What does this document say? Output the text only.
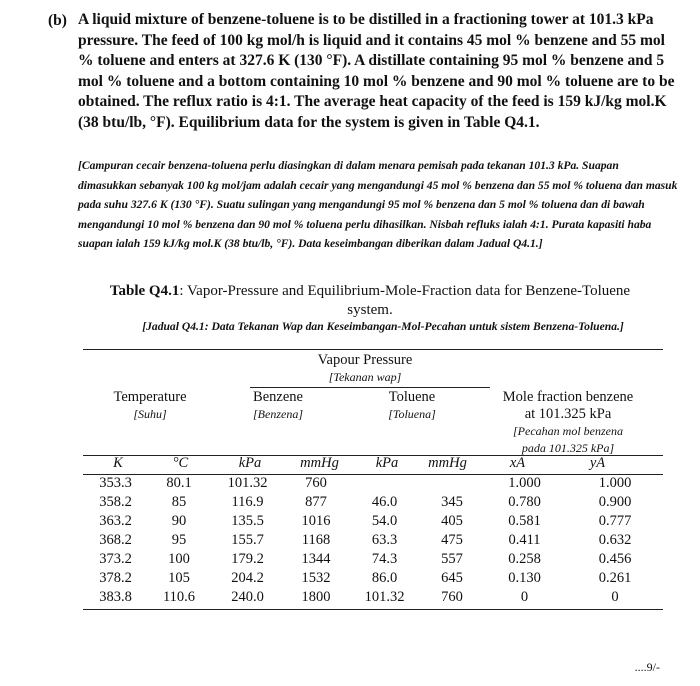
(b) A liquid mixture of benzene-toluene is to be distilled in a fractioning tower at 101.3 kPa pressure. The feed of 100 kg mol/h is liquid and it contains 45 mol % benzene and 55 mol % toluene and enters at 327.6 K (130 °F). A distillate containing 95 mol % benzene and 5 mol % toluene and a bottom containing 10 mol % benzene and 90 mol % toluene are to be obtained. The reflux ratio is 4:1. The average heat capacity of the feed is 159 kJ/kg mol.K (38 btu/lb, °F). Equilibrium data for the system is given in Table Q4.1.
[Campuran cecair benzena-toluena perlu diasingkan di dalam menara pemisah pada tekanan 101.3 kPa. Suapan dimasukkan sebanyak 100 kg mol/jam adalah cecair yang mengandungi 45 mol % benzena dan 55 mol % toluena dan masuk pada suhu 327.6 K (130 °F). Suatu sulingan yang mengandungi 95 mol % benzena dan 5 mol % toluena dan di bawah mengandungi 10 mol % benzena dan 90 mol % toluena perlu dihasilkan. Nisbah refluks ialah 4:1. Purata kapasiti haba suapan ialah 159 kJ/kg mol.K (38 btu/lb, °F). Data keseimbangan diberikan dalam Jadual Q4.1.]
Table Q4.1: Vapor-Pressure and Equilibrium-Mole-Fraction data for Benzene-Toluene system.
[Jadual Q4.1: Data Tekanan Wap dan Keseimbangan-Mol-Pecahan untuk sistem Benzena-Toluena.]
Vapour Pressure
[Tekanan wap]
Temperature
[Suhu]
Benzene
[Benzena]
Toluene
[Toluena]
Mole fraction benzene
at 101.325 kPa
[Pecahan mol benzena
pada 101.325 kPa]
K	°C	kPa	mmHg	kPa	mmHg	xA	yA
353.3	80.1	101.32	760			1.000	1.000
358.2	85	116.9	877	46.0	345	0.780	0.900
363.2	90	135.5	1016	54.0	405	0.581	0.777
368.2	95	155.7	1168	63.3	475	0.411	0.632
373.2	100	179.2	1344	74.3	557	0.258	0.456
378.2	105	204.2	1532	86.0	645	0.130	0.261
383.8	110.6	240.0	1800	101.32	760	0	0
....9/-
